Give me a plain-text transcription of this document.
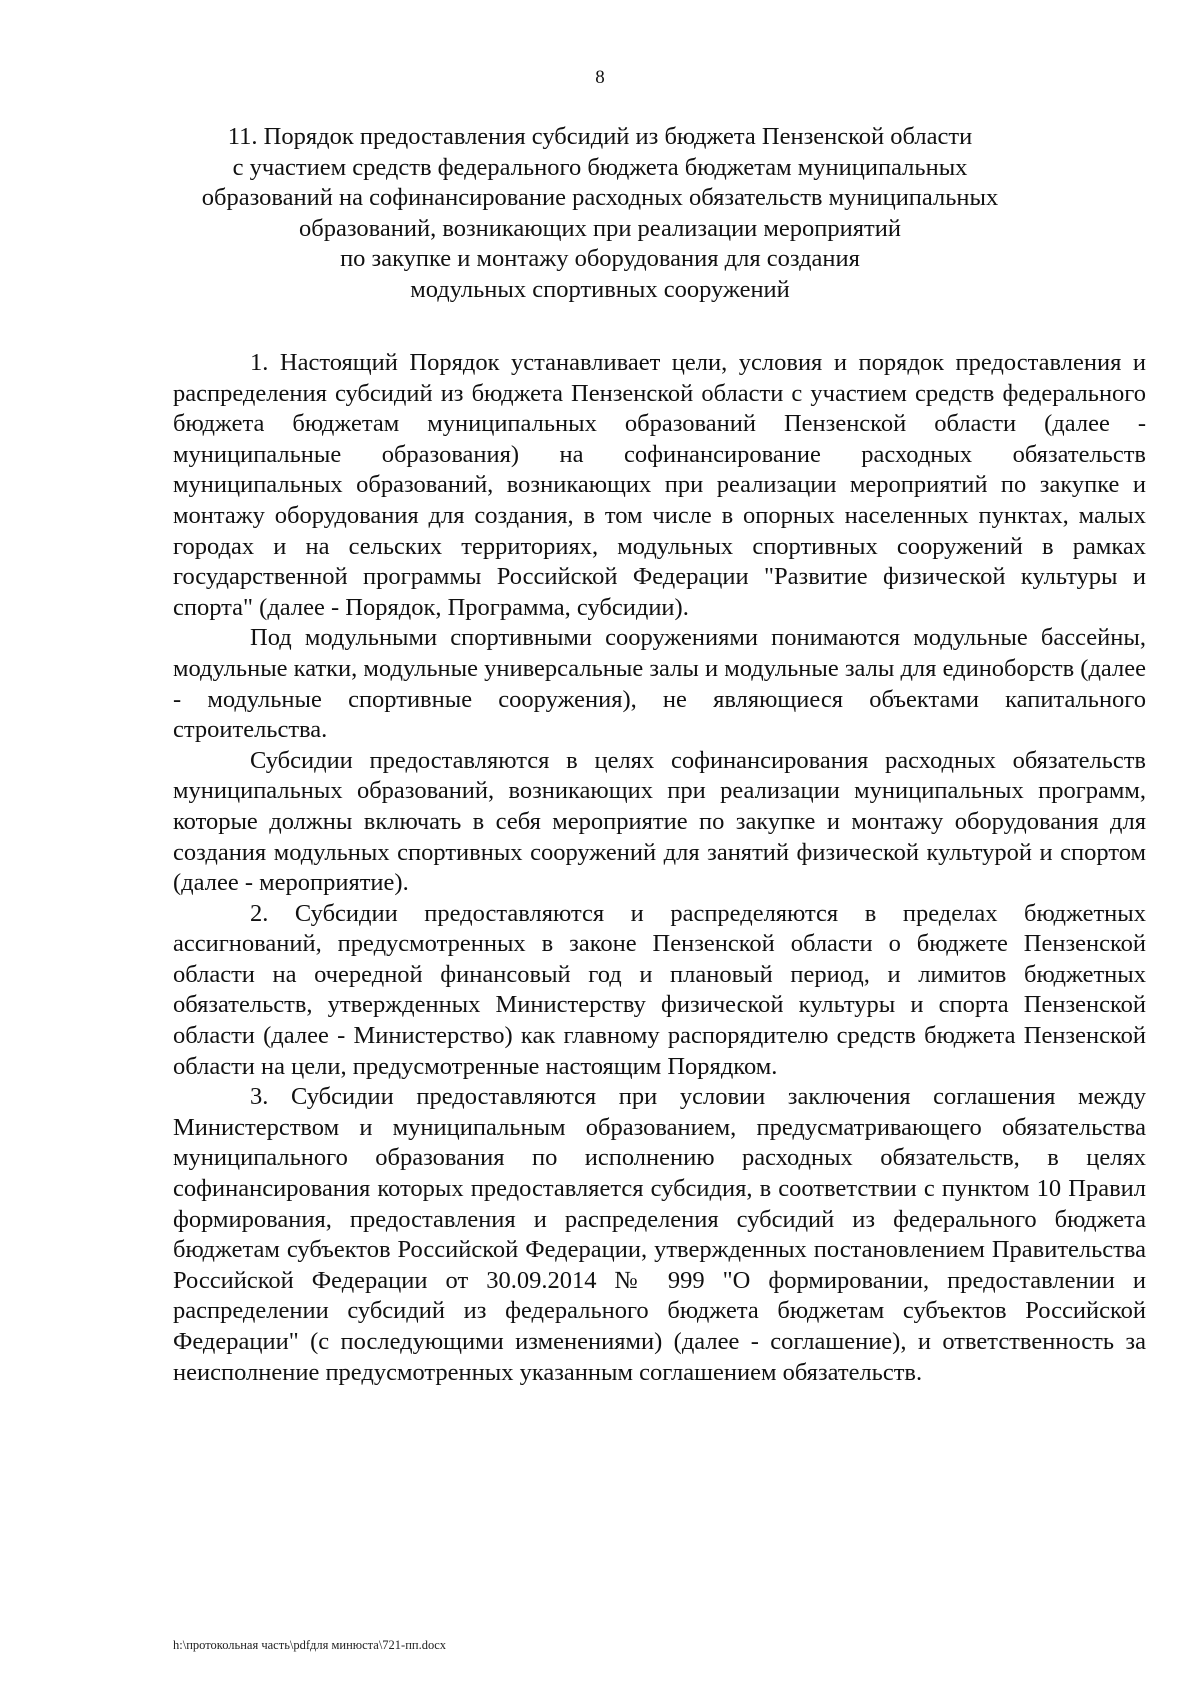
8
11. Порядок предоставления субсидий из бюджета Пензенской области
с участием средств федерального бюджета бюджетам муниципальных
образований на софинансирование расходных обязательств муниципальных
образований, возникающих при реализации мероприятий
по закупке и монтажу оборудования для создания
модульных спортивных сооружений

1. Настоящий Порядок устанавливает цели, условия и порядок предоставления и распределения субсидий из бюджета Пензенской области с участием средств федерального бюджета бюджетам муниципальных образований Пензенской области (далее - муниципальные образования) на софинансирование расходных обязательств муниципальных образований, возникающих при реализации мероприятий по закупке и монтажу оборудования для создания, в том числе в опорных населенных пунктах, малых городах и на сельских территориях, модульных спортивных сооружений в рамках государственной программы Российской Федерации "Развитие физической культуры и спорта" (далее - Порядок, Программа, субсидии).

Под модульными спортивными сооружениями понимаются модульные бассейны, модульные катки, модульные универсальные залы и модульные залы для единоборств (далее - модульные спортивные сооружения), не являющиеся объектами капитального строительства.

Субсидии предоставляются в целях софинансирования расходных обязательств муниципальных образований, возникающих при реализации муниципальных программ, которые должны включать в себя мероприятие по закупке и монтажу оборудования для создания модульных спортивных сооружений для занятий физической культурой и спортом (далее - мероприятие).

2. Субсидии предоставляются и распределяются в пределах бюджетных ассигнований, предусмотренных в законе Пензенской области о бюджете Пензенской области на очередной финансовый год и плановый период, и лимитов бюджетных обязательств, утвержденных Министерству физической культуры и спорта Пензенской области (далее - Министерство) как главному распорядителю средств бюджета Пензенской области на цели, предусмотренные настоящим Порядком.

3. Субсидии предоставляются при условии заключения соглашения между Министерством и муниципальным образованием, предусматривающего обязательства муниципального образования по исполнению расходных обязательств, в целях софинансирования которых предоставляется субсидия, в соответствии с пунктом 10 Правил формирования, предоставления и распределения субсидий из федерального бюджета бюджетам субъектов Российской Федерации, утвержденных постановлением Правительства Российской Федерации от 30.09.2014 № 999 "О формировании, предоставлении и распределении субсидий из федерального бюджета бюджетам субъектов Российской Федерации" (с последующими изменениями) (далее - соглашение), и ответственность за неисполнение предусмотренных указанным соглашением обязательств.

h:\протокольная часть\pdfдля минюста\721-пп.docx
